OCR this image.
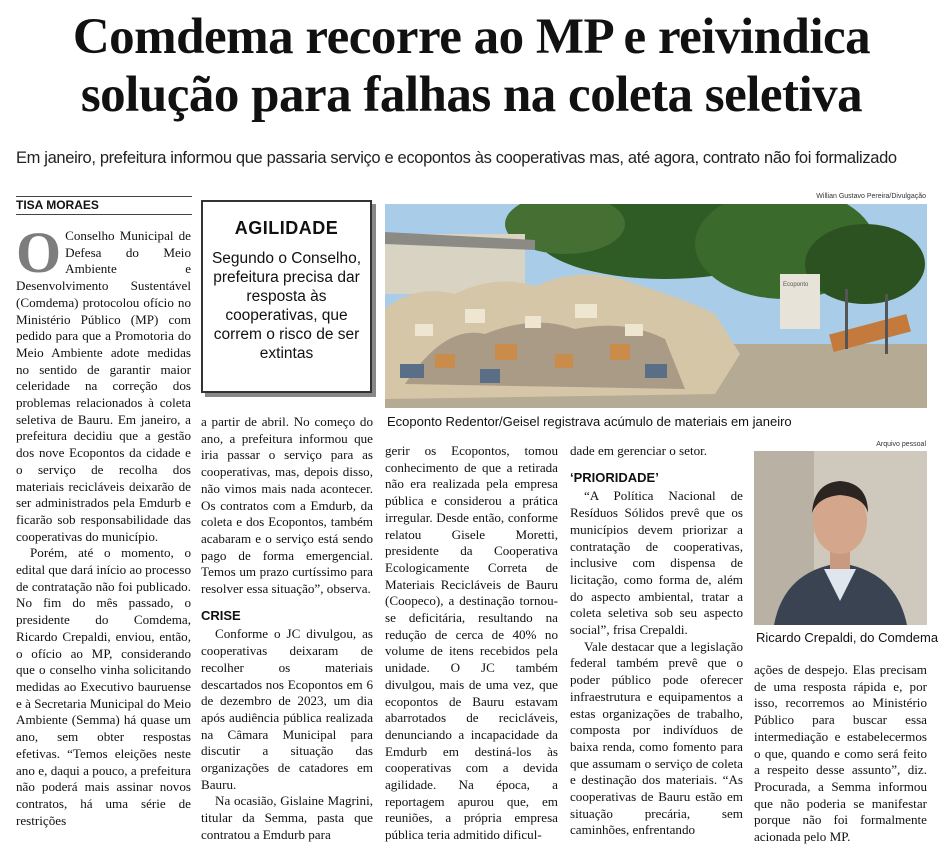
Comdema recorre ao MP e reivindica
solução para falhas na coleta seletiva
Em janeiro, prefeitura informou que passaria serviço e ecopontos às cooperativas mas, até agora, contrato não foi formalizado
TISA MORAES

O Conselho Municipal de Defesa do Meio Ambiente e Desenvolvimento Sustentável (Comdema) protocolou ofício no Ministério Público (MP) com pedido para que a Promotoria do Meio Ambiente adote medidas no sentido de garantir maior celeridade na correção dos problemas relacionados à coleta seletiva de Bauru. Em janeiro, a prefeitura decidiu que a gestão dos nove Ecopontos da cidade e o serviço de recolha dos materiais recicláveis deixarão de ser administrados pela Emdurb e ficarão sob responsabilidade das cooperativas do município.

Porém, até o momento, o edital que dará início ao processo de contratação não foi publicado. No fim do mês passado, o presidente do Comdema, Ricardo Crepaldi, enviou, então, o ofício ao MP, considerando que o conselho vinha solicitando medidas ao Executivo bauruense e à Secretaria Municipal do Meio Ambiente (Semma) há quase um ano, sem obter respostas efetivas. “Temos eleições neste ano e, daqui a pouco, a prefeitura não poderá mais assinar novos contratos, há uma série de restrições

AGILIDADE
Segundo o Conselho, prefeitura precisa dar resposta às cooperativas, que correm o risco de ser extintas

a partir de abril. No começo do ano, a prefeitura informou que iria passar o serviço para as cooperativas, mas, depois disso, não vimos mais nada acontecer. Os contratos com a Emdurb, da coleta e dos Ecopontos, também acabaram e o serviço está sendo pago de forma emergencial. Temos um prazo curtíssimo para resolver essa situação”, observa.

CRISE

Conforme o JC divulgou, as cooperativas deixaram de recolher os materiais descartados nos Ecopontos em 6 de dezembro de 2023, um dia após audiência pública realizada na Câmara Municipal para discutir a situação das organizações de catadores em Bauru.

Na ocasião, Gislaine Magrini, titular da Semma, pasta que contratou a Emdurb para

Willian Gustavo Pereira/Divulgação
Ecoponto
Ecoponto Redentor/Geisel registrava acúmulo de materiais em janeiro

gerir os Ecopontos, tomou conhecimento de que a retirada não era realizada pela empresa pública e considerou a prática irregular. Desde então, conforme relatou Gisele Moretti, presidente da Cooperativa Ecologicamente Correta de Materiais Recicláveis de Bauru (Coopeco), a destinação tornou-se deficitária, resultando na redução de cerca de 40% no volume de itens recebidos pela unidade. O JC também divulgou, mais de uma vez, que ecopontos de Bauru estavam abarrotados de recicláveis, denunciando a incapacidade da Emdurb em destiná-los às cooperativas com a devida agilidade. Na época, a reportagem apurou que, em reuniões, a própria empresa pública teria admitido dificul-

dade em gerenciar o setor.

‘PRIORIDADE’

“A Política Nacional de Resíduos Sólidos prevê que os municípios devem priorizar a contratação de cooperativas, inclusive com dispensa de licitação, como forma de, além do aspecto ambiental, tratar a coleta seletiva sob seu aspecto social”, frisa Crepaldi.

Vale destacar que a legislação federal também prevê que o poder público pode oferecer infraestrutura e equipamentos a estas organizações de trabalho, composta por indivíduos de baixa renda, como fomento para que assumam o serviço de coleta e destinação dos materiais. “As cooperativas de Bauru estão em situação precária, sem caminhões, enfrentando

Arquivo pessoal
Ricardo Crepaldi, do Comdema

ações de despejo. Elas precisam de uma resposta rápida e, por isso, recorremos ao Ministério Público para buscar essa intermediação e estabelecermos o que, quando e como será feito a respeito desse assunto”, diz. Procurada, a Semma informou que não poderia se manifestar porque não foi formalmente acionada pelo MP.
